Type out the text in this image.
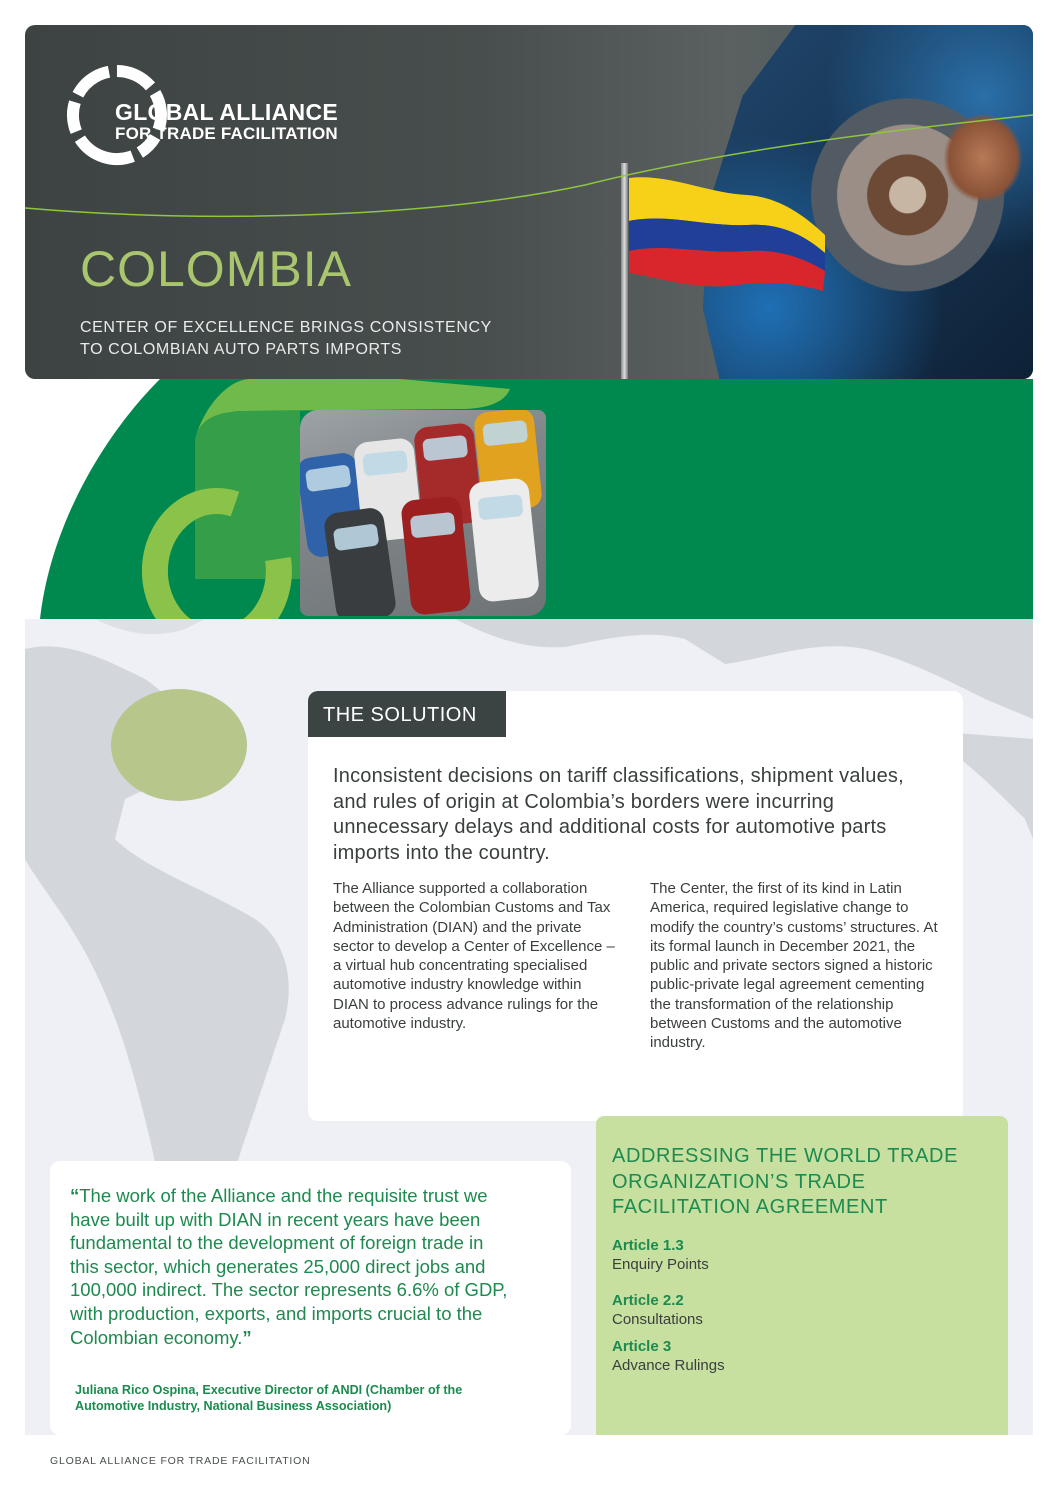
GLOBAL ALLIANCE
FOR TRADE FACILITATION
COLOMBIA
CENTER OF EXCELLENCE BRINGS CONSISTENCY
TO COLOMBIAN AUTO PARTS IMPORTS
THE SOLUTION

Inconsistent decisions on tariff classifications, shipment values, and rules of origin at Colombia’s borders were incurring unnecessary delays and additional costs for automotive parts imports into the country.

The Alliance supported a collaboration between the Colombian Customs and Tax Administration (DIAN) and the private sector to develop a Center of Excellence – a virtual hub concentrating specialised automotive industry knowledge within DIAN to process advance rulings for the automotive industry.

The Center, the first of its kind in Latin America, required legislative change to modify the country’s customs’ structures. At its formal launch in December 2021, the public and private sectors signed a historic public-private legal agreement cementing the transformation of the relationship between Customs and the automotive industry.

“The work of the Alliance and the requisite trust we have built up with DIAN in recent years have been fundamental to the development of foreign trade in this sector, which generates 25,000 direct jobs and 100,000 indirect. The sector represents 6.6% of GDP, with production, exports, and imports crucial to the Colombian economy.”

Juliana Rico Ospina, Executive Director of ANDI (Chamber of the Automotive Industry, National Business Association)

ADDRESSING THE WORLD TRADE ORGANIZATION’S TRADE FACILITATION AGREEMENT
Article 1.3
Enquiry Points
Article 2.2
Consultations
Article 3
Advance Rulings
GLOBAL ALLIANCE FOR TRADE FACILITATION
